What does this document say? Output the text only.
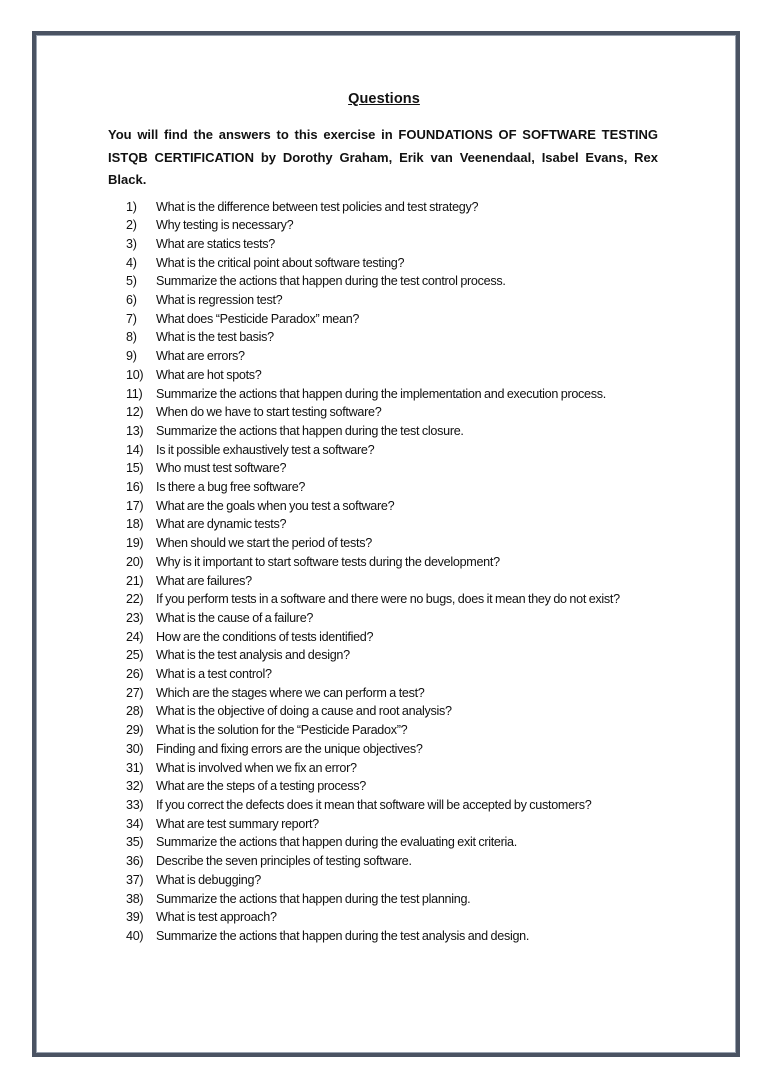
Questions
You will find the answers to this exercise in FOUNDATIONS OF SOFTWARE TESTING ISTQB CERTIFICATION by Dorothy Graham, Erik van Veenendaal, Isabel Evans, Rex Black.
1)	What is the difference between test policies and test strategy?
2)	Why testing is necessary?
3)	What are statics tests?
4)	What is the critical point about software testing?
5)	Summarize the actions that happen during the test control process.
6)	What is regression test?
7)	What does “Pesticide Paradox” mean?
8)	What is the test basis?
9)	What are errors?
10)	What are hot spots?
11)	Summarize the actions that happen during the implementation and execution process.
12)	When do we have to start testing software?
13)	Summarize the actions that happen during the test closure.
14)	Is it possible exhaustively test a software?
15)	Who must test software?
16)	Is there a bug free software?
17)	What are the goals when you test a software?
18)	What are dynamic tests?
19)	When should we start the period of tests?
20)	Why is it important to start software tests during the development?
21)	What are failures?
22)	If you perform tests in a software and there were no bugs, does it mean they do not exist?
23)	What is the cause of a failure?
24)	How are the conditions of tests identified?
25)	What is the test analysis and design?
26)	What is a test control?
27)	Which are the stages where we can perform a test?
28)	What is the objective of doing a cause and root analysis?
29)	What is the solution for the “Pesticide Paradox”?
30)	Finding and fixing errors are the unique objectives?
31)	What is involved when we fix an error?
32)	What are the steps of a testing process?
33)	If you correct the defects does it mean that software will be accepted by customers?
34)	What are test summary report?
35)	Summarize the actions that happen during the evaluating exit criteria.
36)	Describe the seven principles of testing software.
37)	What is debugging?
38)	Summarize the actions that happen during the test planning.
39)	What is test approach?
40)	Summarize the actions that happen during the test analysis and design.
